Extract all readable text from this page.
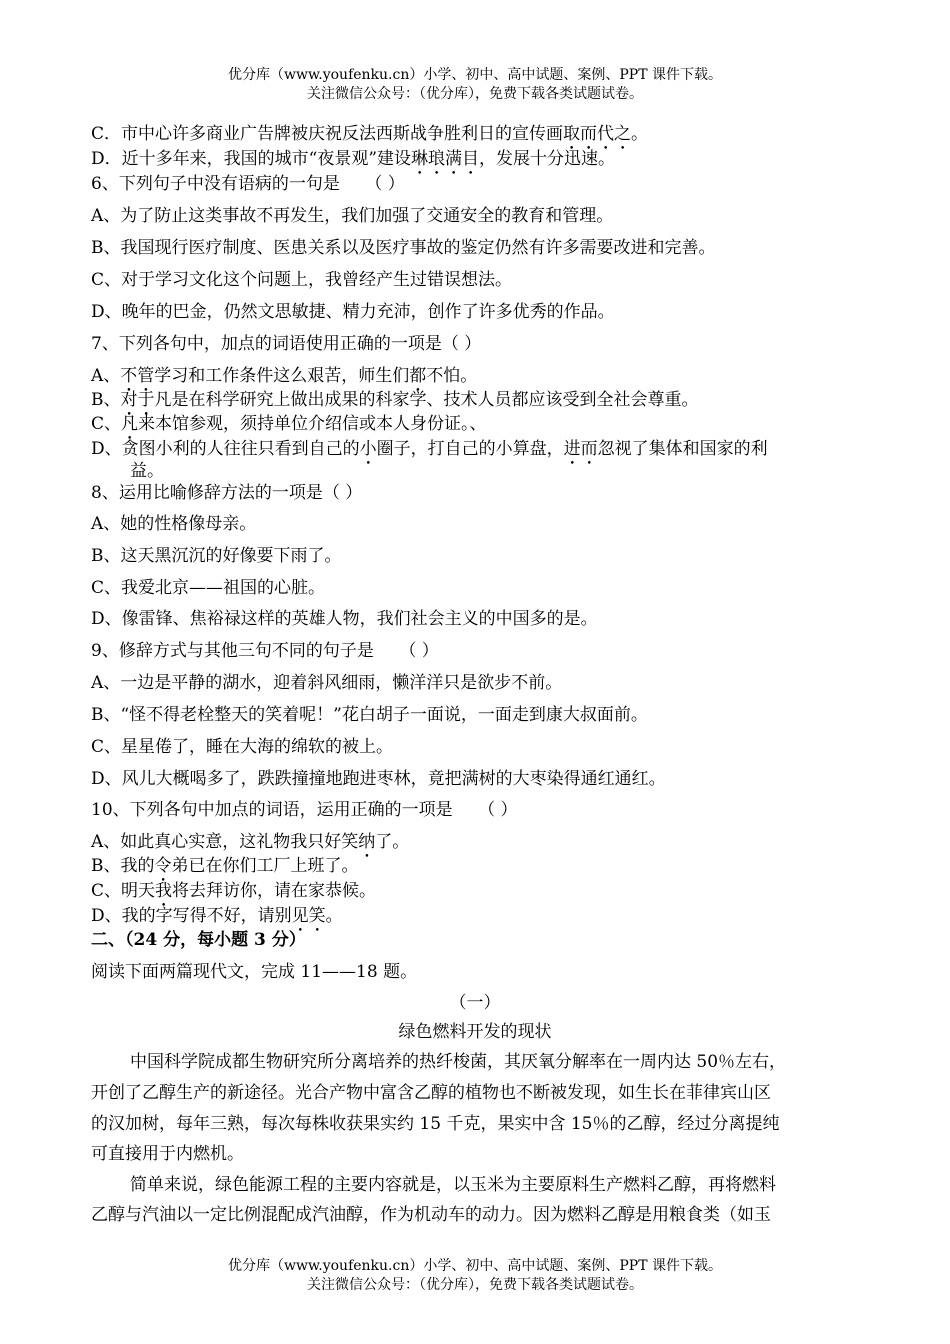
优分库（www.youfenku.cn）小学、初中、高中试题、案例、PPT 课件下载。
关注微信公众号：（优分库），免费下载各类试题试卷。
C．市中心许多商业广告牌被庆祝反法西斯战争胜利日的宣传画取而代之。
D．近十多年来，我国的城市“夜景观”建设琳琅满目，发展十分迅速。
6、下列句子中没有语病的一句是　　（ ）
A、为了防止这类事故不再发生，我们加强了交通安全的教育和管理。
B、我国现行医疗制度、医患关系以及医疗事故的鉴定仍然有许多需要改进和完善。
C、对于学习文化这个问题上，我曾经产生过错误想法。
D、晚年的巴金，仍然文思敏捷、精力充沛，创作了许多优秀的作品。
7、下列各句中，加点的词语使用正确的一项是（ ）
A、不管学习和工作条件这么艰苦，师生们都不怕。
B、对于凡是在科学研究上做出成果的科家学、技术人员都应该受到全社会尊重。
C、凡来本馆参观，须持单位介绍信或本人身份证。、
D、贪图小利的人往往只看到自己的小圈子，打自己的小算盘，进而忽视了集体和国家的利
益。
8、运用比喻修辞方法的一项是（ ）
A、她的性格像母亲。
B、这天黑沉沉的好像要下雨了。
C、我爱北京——祖国的心脏。
D、像雷锋、焦裕禄这样的英雄人物，我们社会主义的中国多的是。
9、修辞方式与其他三句不同的句子是　　（ ）
A、一边是平静的湖水，迎着斜风细雨，懒洋洋只是欲步不前。
B、“怪不得老栓整天的笑着呢！”花白胡子一面说，一面走到康大叔面前。
C、星星倦了，睡在大海的绵软的被上。
D、风儿大概喝多了，跌跌撞撞地跑进枣林，竟把满树的大枣染得通红通红。
10、下列各句中加点的词语，运用正确的一项是　　（ ）
A、如此真心实意，这礼物我只好笑纳了。
B、我的令弟已在你们工厂上班了。
C、明天我将去拜访你，请在家恭候。
D、我的字写得不好，请别见笑。
二、（24 分，每小题 3 分）
阅读下面两篇现代文，完成 11——18 题。
（一）
绿色燃料开发的现状
中国科学院成都生物研究所分离培养的热纤梭菌，其厌氧分解率在一周内达 50％左右，
开创了乙醇生产的新途径。光合产物中富含乙醇的植物也不断被发现，如生长在菲律宾山区
的汉加树，每年三熟，每次每株收获果实约 15 千克，果实中含 15％的乙醇，经过分离提纯
可直接用于内燃机。
简单来说，绿色能源工程的主要内容就是，以玉米为主要原料生产燃料乙醇，再将燃料
乙醇与汽油以一定比例混配成汽油醇，作为机动车的动力。因为燃料乙醇是用粮食类（如玉
优分库（www.youfenku.cn）小学、初中、高中试题、案例、PPT 课件下载。
关注微信公众号：（优分库），免费下载各类试题试卷。
